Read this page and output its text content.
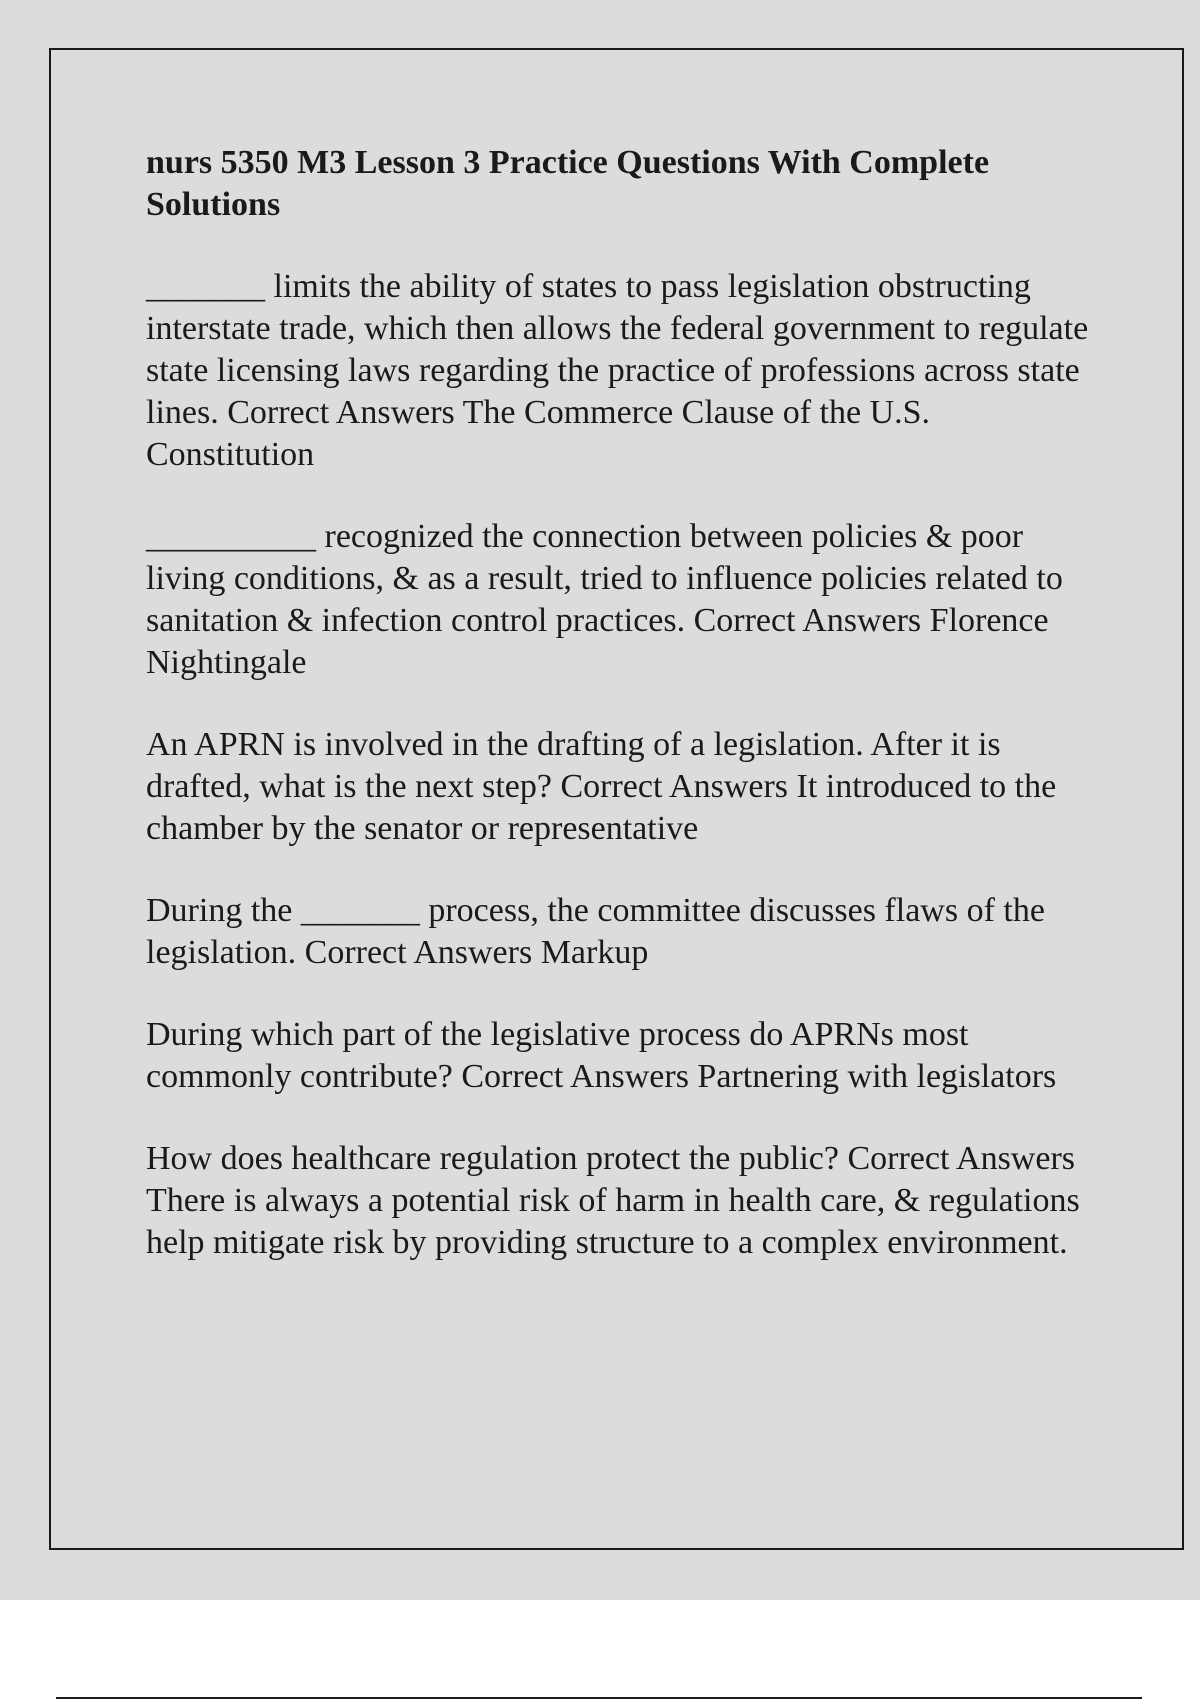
nurs 5350 M3 Lesson 3 Practice Questions With Complete Solutions

_______ limits the ability of states to pass legislation obstructing interstate trade, which then allows the federal government to regulate state licensing laws regarding the practice of professions across state lines. Correct Answers The Commerce Clause of the U.S. Constitution

__________ recognized the connection between policies & poor living conditions, & as a result, tried to influence policies related to sanitation & infection control practices. Correct Answers Florence Nightingale

An APRN is involved in the drafting of a legislation. After it is drafted, what is the next step? Correct Answers It introduced to the chamber by the senator or representative

During the _______ process, the committee discusses flaws of the legislation. Correct Answers Markup

During which part of the legislative process do APRNs most commonly contribute? Correct Answers Partnering with legislators

How does healthcare regulation protect the public? Correct Answers There is always a potential risk of harm in health care, & regulations help mitigate risk by providing structure to a complex environment.
